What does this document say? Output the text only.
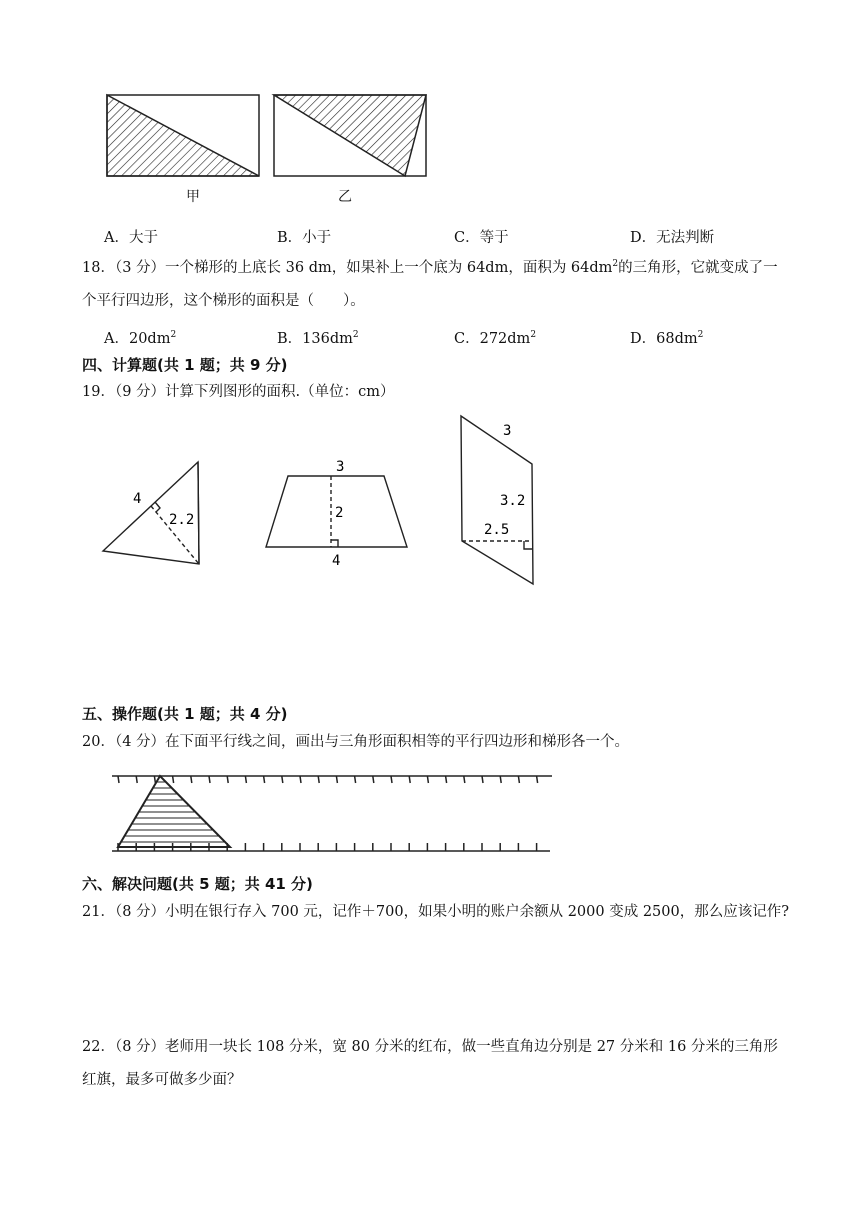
甲	乙
A．大于	B．小于	C．等于	D．无法判断
18．（3 分）一个梯形的上底长 36 dm，如果补上一个底为 64dm，面积为 $64dm^2$的三角形，它就变成了一
个平行四边形，这个梯形的面积是（　　）。
A．$20dm^2$	B．$136dm^2$	C．$272dm^2$	D．$68dm^2$
四、计算题(共 1 题；共 9 分)
19．（9 分）计算下列图形的面积.（单位：cm）
4
2.2
3
2
4
3
3.2
2.5
五、操作题(共 1 题；共 4 分)
20．（4 分）在下面平行线之间，画出与三角形面积相等的平行四边形和梯形各一个。
六、解决问题(共 5 题；共 41 分)
21．（8 分）小明在银行存入 700 元，记作＋700，如果小明的账户余额从 2000 变成 2500，那么应该记作?
22．（8 分）老师用一块长 108 分米，宽 80 分米的红布，做一些直角边分别是 27 分米和 16 分米的三角形
红旗，最多可做多少面？
